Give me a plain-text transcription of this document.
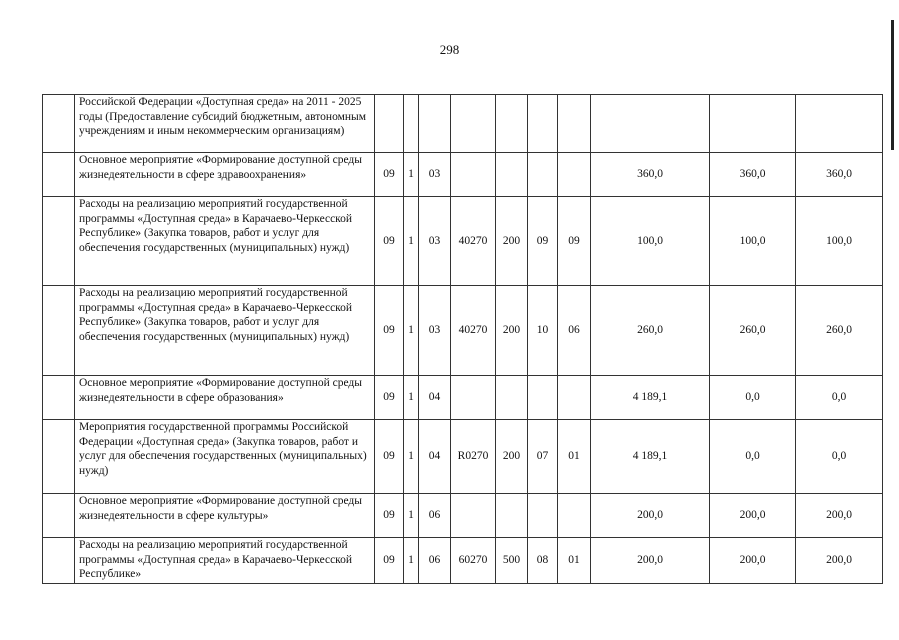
298
	Российской Федерации «Доступная среда» на 2011 - 2025 годы (Предоставление субсидий бюджетным, автономным учреждениям и иным некоммерческим организациям)										
	Основное мероприятие «Формирование доступной среды жизнедеятельности в сфере здравоохранения»	09	1	03					360,0	360,0	360,0
	Расходы на реализацию мероприятий государственной программы «Доступная среда» в Карачаево-Черкесской Республике» (Закупка товаров, работ и услуг для обеспечения государственных (муниципальных) нужд)	09	1	03	40270	200	09	09	100,0	100,0	100,0
	Расходы на реализацию мероприятий государственной программы «Доступная среда» в Карачаево-Черкесской Республике» (Закупка товаров, работ и услуг для обеспечения государственных (муниципальных) нужд)	09	1	03	40270	200	10	06	260,0	260,0	260,0
	Основное мероприятие «Формирование доступной среды жизнедеятельности в сфере образования»	09	1	04					4 189,1	0,0	0,0
	Мероприятия государственной программы Российской Федерации «Доступная среда» (Закупка товаров, работ и услуг для обеспечения государственных (муниципальных) нужд)	09	1	04	R0270	200	07	01	4 189,1	0,0	0,0
	Основное мероприятие «Формирование доступной среды жизнедеятельности в сфере культуры»	09	1	06					200,0	200,0	200,0
	Расходы на реализацию мероприятий государственной программы «Доступная среда» в Карачаево-Черкесской Республике»	09	1	06	60270	500	08	01	200,0	200,0	200,0
